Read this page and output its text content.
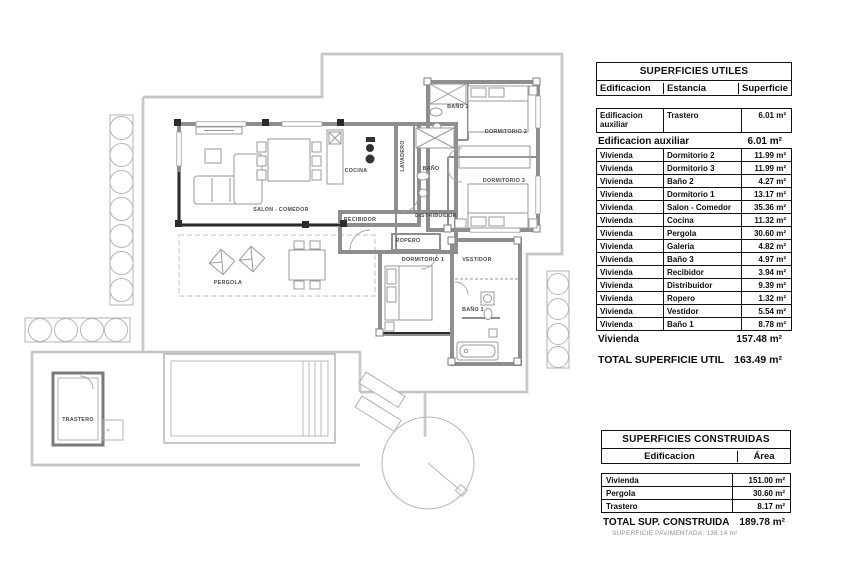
SALON - COMEDOR
COCINA	LAVADERO	BAÑO
BAÑO 2
DORMITORIO 2
DORMITORIO 3
RECIBIDOR
DISTRIBUIDOR
ROPERO
DORMITORIO 1	VESTIDOR
BAÑO 1
PERGOLA
TRASTERO
SUPERFICIES UTILES
Edificacion	Estancia	Superficie
Edificacion auxiliar
Trastero	6.01 m²
Edificacion auxiliar	6.01 m²
Vivienda	Dormitorio 2	11.99 m²
Vivienda	Dormitorio 3	11.99 m²
Vivienda	Baño 2	4.27 m²
Vivienda	Dormitorio 1	13.17 m²
Vivienda	Salon - Comedor	35.36 m²
Vivienda	Cocina	11.32 m²
Vivienda	Pergola	30.60 m²
Vivienda	Galeria	4.82 m²
Vivienda	Baño 3	4.97 m²
Vivienda	Recibidor	3.94 m²
Vivienda	Distribuidor	9.39 m²
Vivienda	Ropero	1.32 m²
Vivienda	Vestidor	5.54 m²
Vivienda	Baño 1	8.78 m²
Vivienda	157.48 m²
TOTAL SUPERFICIE UTIL 163.49 m²
SUPERFICIES CONSTRUIDAS
Edificacion	Área
Vivienda	151.00 m²
Pergola	30.60 m²
Trastero	8.17 m²
TOTAL SUP. CONSTRUIDA 189.78 m²
SUPERFICIE PAVIMENTADA: 136.14 m²
